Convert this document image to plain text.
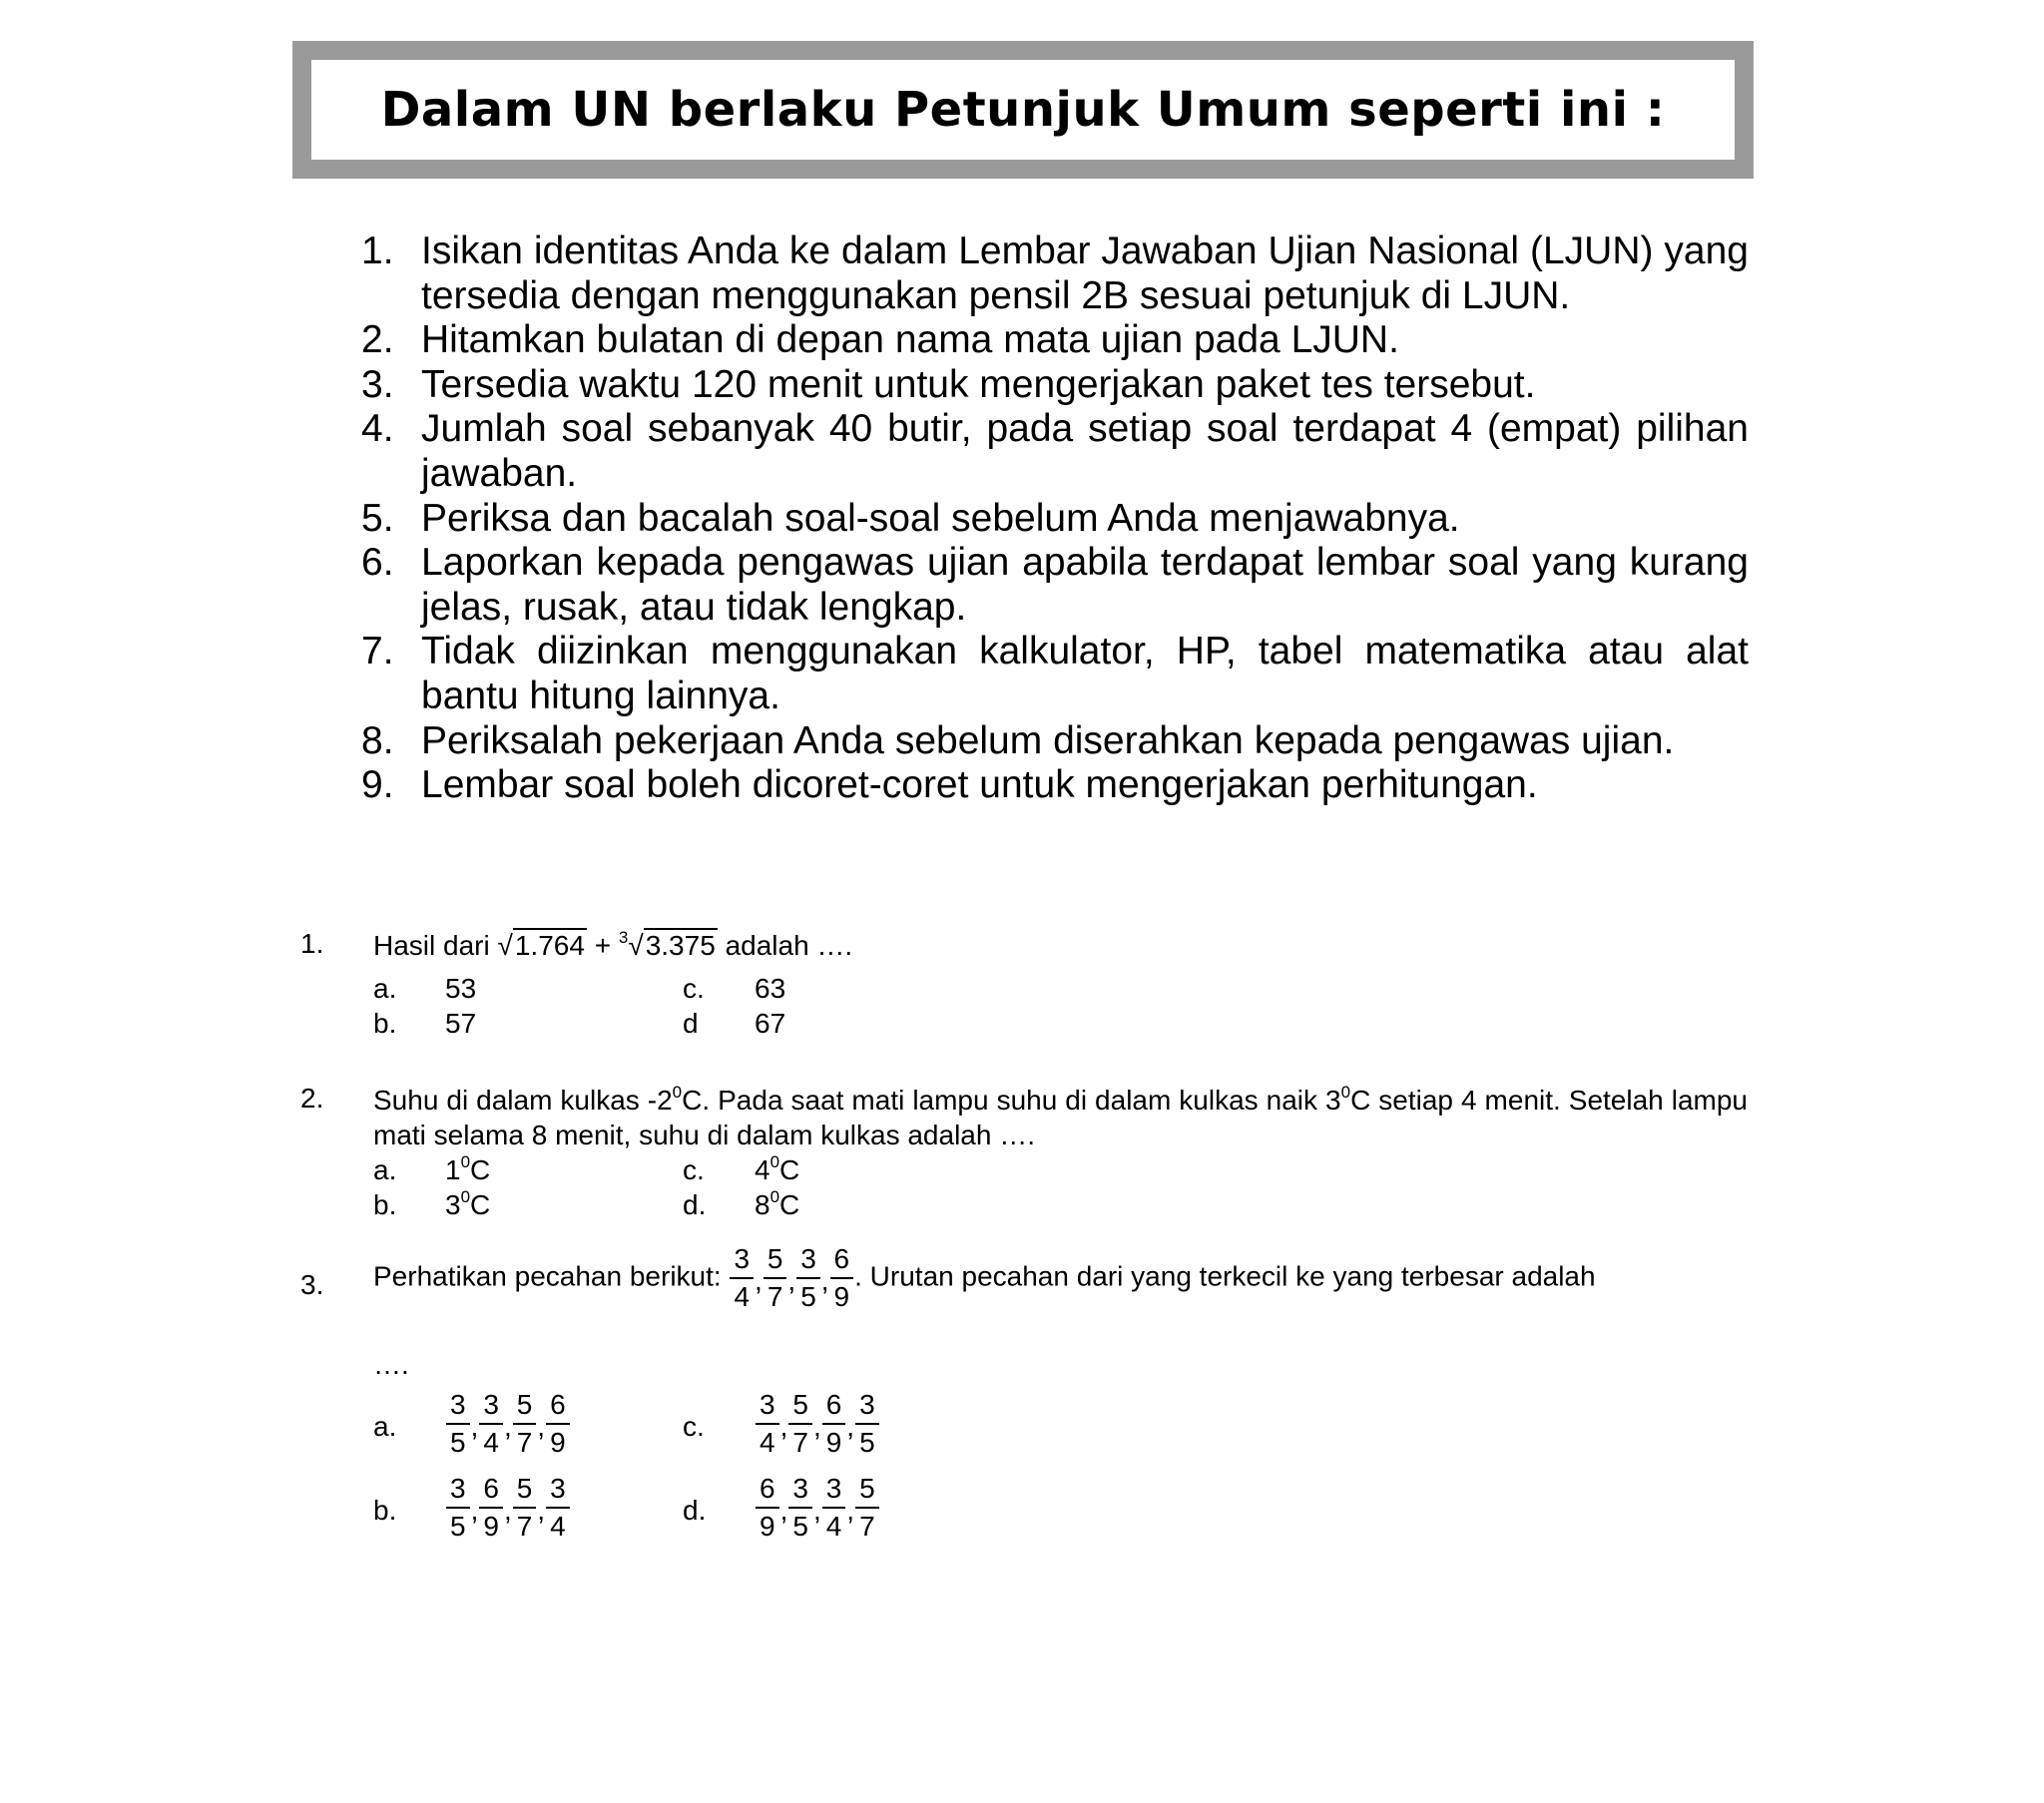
Dalam UN berlaku Petunjuk Umum seperti ini :
1. Isikan identitas Anda ke dalam Lembar Jawaban Ujian Nasional (LJUN) yang tersedia dengan menggunakan pensil 2B sesuai petunjuk di LJUN.
2. Hitamkan bulatan di depan nama mata ujian pada LJUN.
3. Tersedia waktu 120 menit untuk mengerjakan paket tes tersebut.
4. Jumlah soal sebanyak 40 butir, pada setiap soal terdapat 4 (empat) pilihan jawaban.
5. Periksa dan bacalah soal-soal sebelum Anda menjawabnya.
6. Laporkan kepada pengawas ujian apabila terdapat lembar soal yang kurang jelas, rusak, atau tidak lengkap.
7. Tidak diizinkan menggunakan kalkulator, HP, tabel matematika atau alat bantu hitung lainnya.
8. Periksalah pekerjaan Anda sebelum diserahkan kepada pengawas ujian.
9. Lembar soal boleh dicoret-coret untuk mengerjakan perhitungan.
1. Hasil dari √1.764 + $^3$√3.375 adalah ….
a. 53	c. 63
b. 57	d 67
2. Suhu di dalam kulkas $-2^0C$. Pada saat mati lampu suhu di dalam kulkas naik $3^0C$ setiap 4 menit. Setelah lampu mati selama 8 menit, suhu di dalam kulkas adalah ….
a. $1^0C$	c. $4^0C$
b. $3^0C$	d. $8^0C$
3. Perhatikan pecahan berikut: $\frac{3}{4}$ , $\frac{5}{7}$ , $\frac{3}{5}$ , $\frac{6}{9}$ . Urutan pecahan dari yang terkecil ke yang terbesar adalah
….
a. $\frac{3}{5}$ , $\frac{3}{4}$ , $\frac{5}{7}$ , $\frac{6}{9}$	c. $\frac{3}{4}$ , $\frac{5}{7}$ , $\frac{6}{9}$ , $\frac{3}{5}$
b. $\frac{3}{5}$ , $\frac{6}{9}$ , $\frac{5}{7}$ , $\frac{3}{4}$	d. $\frac{6}{9}$ , $\frac{3}{5}$ , $\frac{3}{4}$ , $\frac{5}{7}$
